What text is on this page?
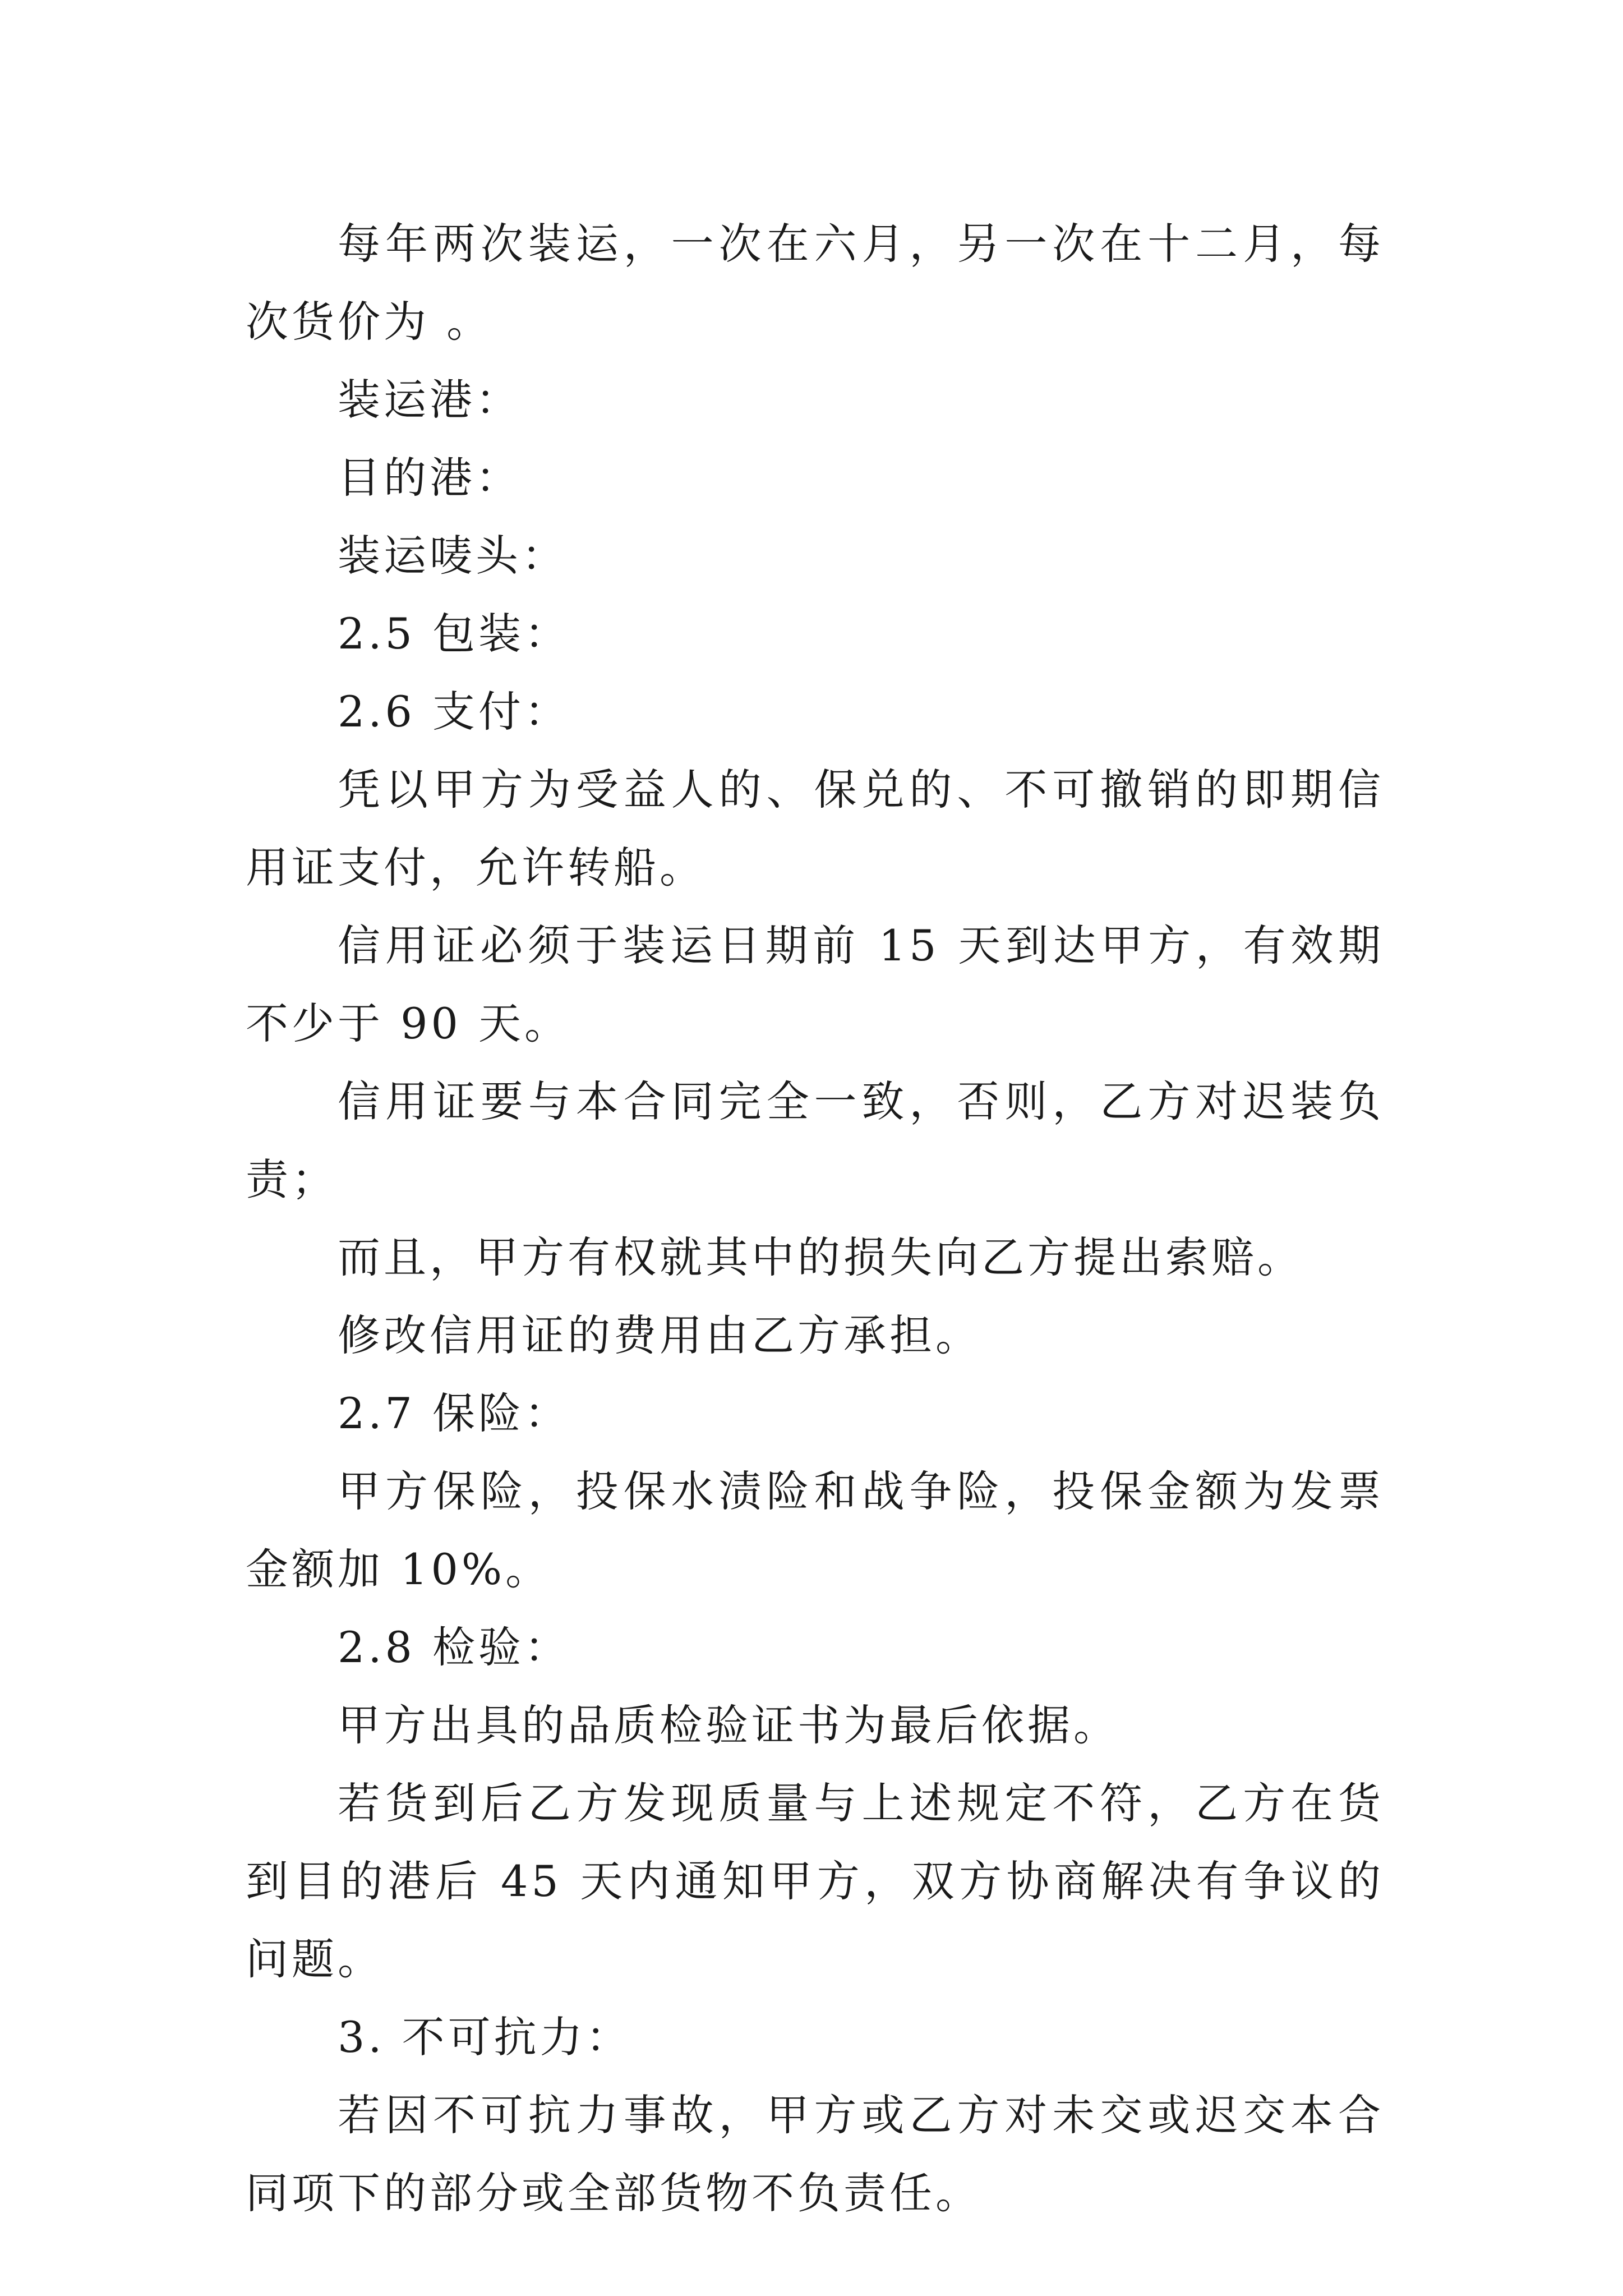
每年两次装运，一次在六月，另一次在十二月，每次货价为 。

装运港：

目的港：

装运唛头：

2.5 包装：

2.6 支付：

凭以甲方为受益人的、保兑的、不可撤销的即期信用证支付，允许转船。

信用证必须于装运日期前 15 天到达甲方，有效期不少于 90 天。

信用证要与本合同完全一致，否则，乙方对迟装负责；

而且，甲方有权就其中的损失向乙方提出索赔。

修改信用证的费用由乙方承担。

2.7 保险：

甲方保险，投保水渍险和战争险，投保金额为发票金额加 10%。

2.8 检验：

甲方出具的品质检验证书为最后依据。

若货到后乙方发现质量与上述规定不符，乙方在货到目的港后 45 天内通知甲方，双方协商解决有争议的问题。

3. 不可抗力：

若因不可抗力事故，甲方或乙方对未交或迟交本合同项下的部分或全部货物不负责任。
